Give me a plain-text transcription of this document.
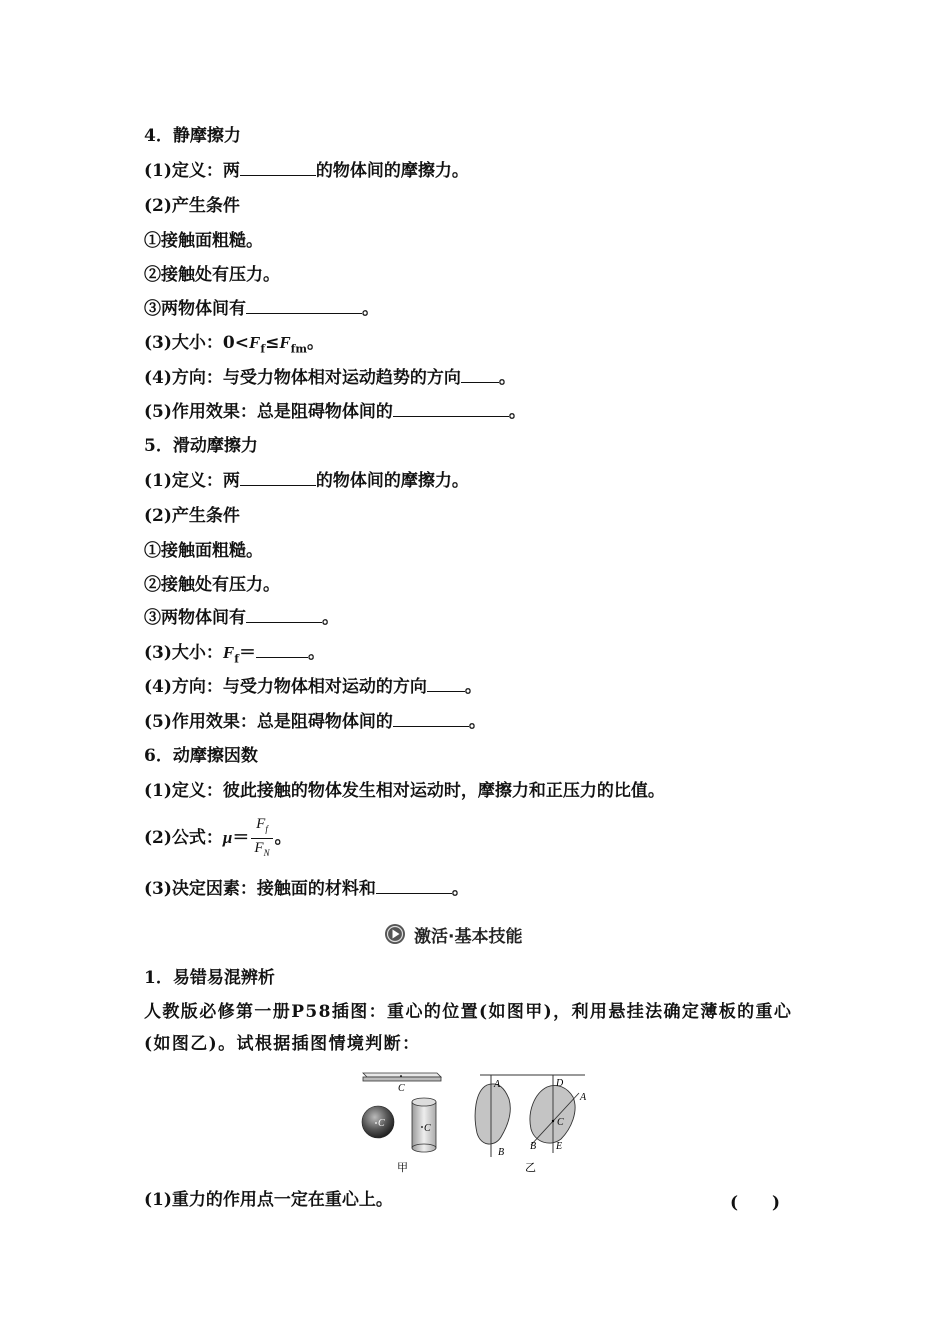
4．静摩擦力
(1)定义：两	的物体间的摩擦力。
(2)产生条件
①接触面粗糙。
②接触处有压力。
③两物体间有	。
(3)大小：$0<F_f\le F_{fm}$。
(4)方向：与受力物体相对运动趋势的方向 。
(5)作用效果：总是阻碍物体间的	。
5．滑动摩擦力
(1)定义：两	的物体间的摩擦力。
(2)产生条件
①接触面粗糙。
②接触处有压力。
③两物体间有	。
(3)大小：$F_f=$	。
(4)方向：与受力物体相对运动的方向 。
(5)作用效果：总是阻碍物体间的	。
6．动摩擦因数
(1)定义：彼此接触的物体发生相对运动时，摩擦力和正压力的比值。
(2)公式： $\mu = \frac{F_f}{F_N}$ 。
(3)决定因素：接触面的材料和	。
激活·基本技能
1．易错易混辨析
人教版必修第一册P58插图：重心的位置(如图甲)，利用悬挂法确定薄板的重心(如图乙)。试根据插图情境判断：
C
C	C
甲
A
B
D
A
C
B E
乙
(1)重力的作用点一定在重心上。	(　　)
